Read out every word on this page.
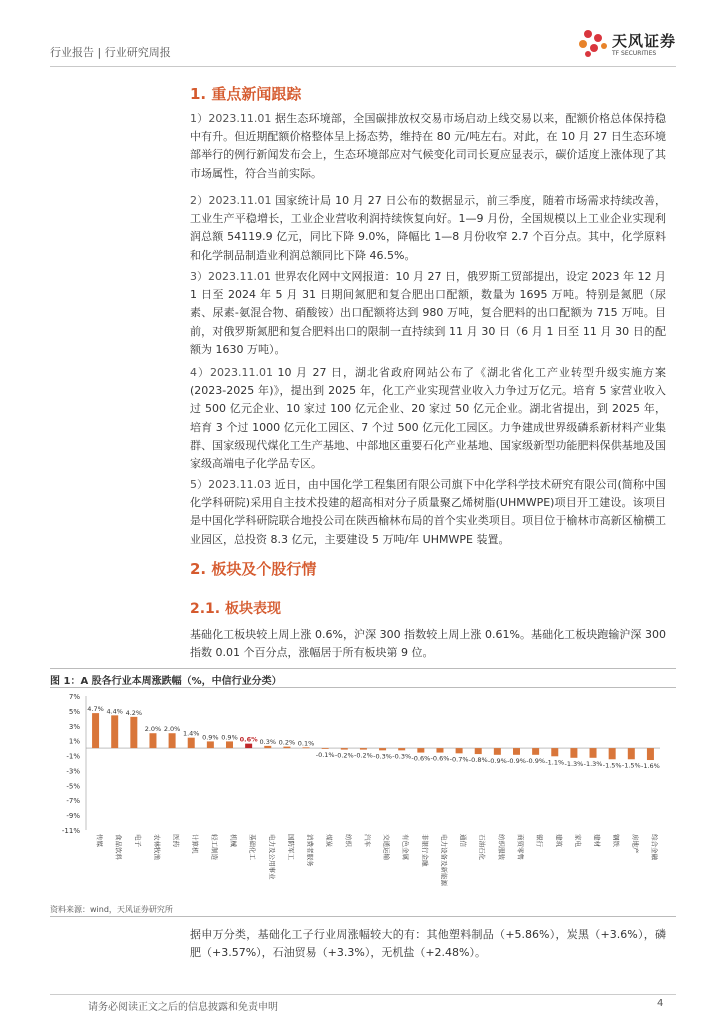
行业报告 | 行业研究周报
天风证券
TF SECURITIES
1. 重点新闻跟踪
1）2023.11.01 据生态环境部，全国碳排放权交易市场启动上线交易以来，配额价格总体保持稳中有升。但近期配额价格整体呈上扬态势，维持在 80 元/吨左右。对此，在 10 月 27 日生态环境部举行的例行新闻发布会上，生态环境部应对气候变化司司长夏应显表示，碳价适度上涨体现了其市场属性，符合当前实际。
2）2023.11.01 国家统计局 10 月 27 日公布的数据显示，前三季度，随着市场需求持续改善，工业生产平稳增长，工业企业营收利润持续恢复向好。1—9 月份，全国规模以上工业企业实现利润总额 54119.9 亿元，同比下降 9.0%，降幅比 1—8 月份收窄 2.7 个百分点。其中，化学原料和化学制品制造业利润总额同比下降 46.5%。
3）2023.11.01 世界农化网中文网报道：10 月 27 日，俄罗斯工贸部提出，设定 2023 年 12 月 1 日至 2024 年 5 月 31 日期间氮肥和复合肥出口配额，数量为 1695 万吨。特别是氮肥（尿素、尿素-氨混合物、硝酸铵）出口配额将达到 980 万吨，复合肥料的出口配额为 715 万吨。目前，对俄罗斯氮肥和复合肥料出口的限制一直持续到 11 月 30 日（6 月 1 日至 11 月 30 日的配额为 1630 万吨）。
4）2023.11.01 10 月 27 日，湖北省政府网站公布了《湖北省化工产业转型升级实施方案(2023-2025 年)》，提出到 2025 年，化工产业实现营业收入力争过万亿元。培育 5 家营业收入过 500 亿元企业、10 家过 100 亿元企业、20 家过 50 亿元企业。湖北省提出，到 2025 年，培育 3 个过 1000 亿元化工园区、7 个过 500 亿元化工园区。力争建成世界级磷系新材料产业集群、国家级现代煤化工生产基地、中部地区重要石化产业基地、国家级新型功能肥料保供基地及国家级高端电子化学品专区。
5）2023.11.03 近日，由中国化学工程集团有限公司旗下中化学科学技术研究有限公司(简称中国化学科研院)采用自主技术投建的超高相对分子质量聚乙烯树脂(UHMWPE)项目开工建设。该项目是中国化学科研院联合地投公司在陕西榆林布局的首个实业类项目。项目位于榆林市高新区榆横工业园区，总投资 8.3 亿元，主要建设 5 万吨/年 UHMWPE 装置。
2. 板块及个股行情
2.1. 板块表现
基础化工板块较上周上涨 0.6%，沪深 300 指数较上周上涨 0.61%。基础化工板块跑输沪深 300 指数 0.01 个百分点，涨幅居于所有板块第 9 位。
图 1：A 股各行业本周涨跌幅（%，中信行业分类）
7%
5%
3%
1%
-1%
-3%
-5%
-7%
-9%
-11%
4.7%
传媒
4.4%
食品饮料
4.2%
电子
2.0%
农林牧渔
2.0%
医药
1.4%
计算机
0.9%
轻工制造
0.9%
机械
0.6%
基础化工
0.3%
电力及公用事业
0.2%
国防军工
0.1%
消费者服务
-0.1%
煤炭
-0.2%
纺织
-0.2%
汽车
-0.3%
交通运输
-0.3%
有色金属
-0.6%
非银行金融
-0.6%
电力设备及新能源
-0.7%
通信
-0.8%
石油石化
-0.9%
纺织服装
-0.9%
商贸零售
-0.9%
银行
-1.1%
建筑
-1.3%
家电
-1.3%
建材
-1.5%
钢铁
-1.5%
房地产
-1.6%
综合金融
资料来源：wind，天风证券研究所
据申万分类，基础化工子行业周涨幅较大的有：其他塑料制品（+5.86%），炭黑（+3.6%），磷肥（+3.57%），石油贸易（+3.3%），无机盐（+2.48%）。
请务必阅读正文之后的信息披露和免责申明	4
